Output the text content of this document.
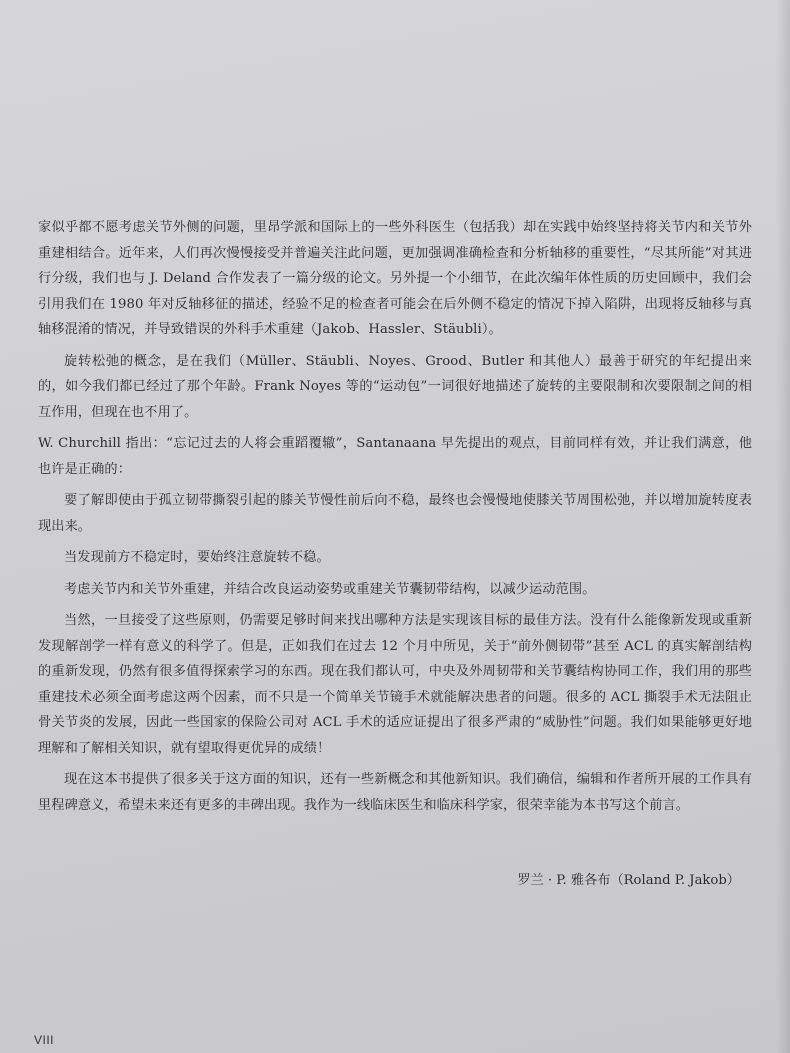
家似乎都不愿考虑关节外侧的问题，里昂学派和国际上的一些外科医生（包括我）却在实践中始终坚持将关节内和关节外重建相结合。近年来，人们再次慢慢接受并普遍关注此问题，更加强调准确检查和分析轴移的重要性，“尽其所能”对其进行分级，我们也与 J. Deland 合作发表了一篇分级的论文。另外提一个小细节，在此次编年体性质的历史回顾中，我们会引用我们在 1980 年对反轴移征的描述，经验不足的检查者可能会在后外侧不稳定的情况下掉入陷阱，出现将反轴移与真轴移混淆的情况，并导致错误的外科手术重建（Jakob、Hassler、Stäubli）。

旋转松弛的概念，是在我们（Müller、Stäubli、Noyes、Grood、Butler 和其他人）最善于研究的年纪提出来的，如今我们都已经过了那个年龄。Frank Noyes 等的“运动包”一词很好地描述了旋转的主要限制和次要限制之间的相互作用，但现在也不用了。

W. Churchill 指出：“忘记过去的人将会重蹈覆辙”，Santanaana 早先提出的观点，目前同样有效，并让我们满意，他也许是正确的：

要了解即使由于孤立韧带撕裂引起的膝关节慢性前后向不稳，最终也会慢慢地使膝关节周围松弛，并以增加旋转度表现出来。

当发现前方不稳定时，要始终注意旋转不稳。

考虑关节内和关节外重建，并结合改良运动姿势或重建关节囊韧带结构，以减少运动范围。

当然，一旦接受了这些原则，仍需要足够时间来找出哪种方法是实现该目标的最佳方法。没有什么能像新发现或重新发现解剖学一样有意义的科学了。但是，正如我们在过去 12 个月中所见，关于“前外侧韧带”甚至 ACL 的真实解剖结构的重新发现，仍然有很多值得探索学习的东西。现在我们都认可，中央及外周韧带和关节囊结构协同工作，我们用的那些重建技术必须全面考虑这两个因素，而不只是一个简单关节镜手术就能解决患者的问题。很多的 ACL 撕裂手术无法阻止骨关节炎的发展，因此一些国家的保险公司对 ACL 手术的适应证提出了很多严肃的“威胁性”问题。我们如果能够更好地理解和了解相关知识，就有望取得更优异的成绩！

现在这本书提供了很多关于这方面的知识，还有一些新概念和其他新知识。我们确信，编辑和作者所开展的工作具有里程碑意义，希望未来还有更多的丰碑出现。我作为一线临床医生和临床科学家，很荣幸能为本书写这个前言。

罗兰 · P. 雅各布（Roland P. Jakob）
VIII
